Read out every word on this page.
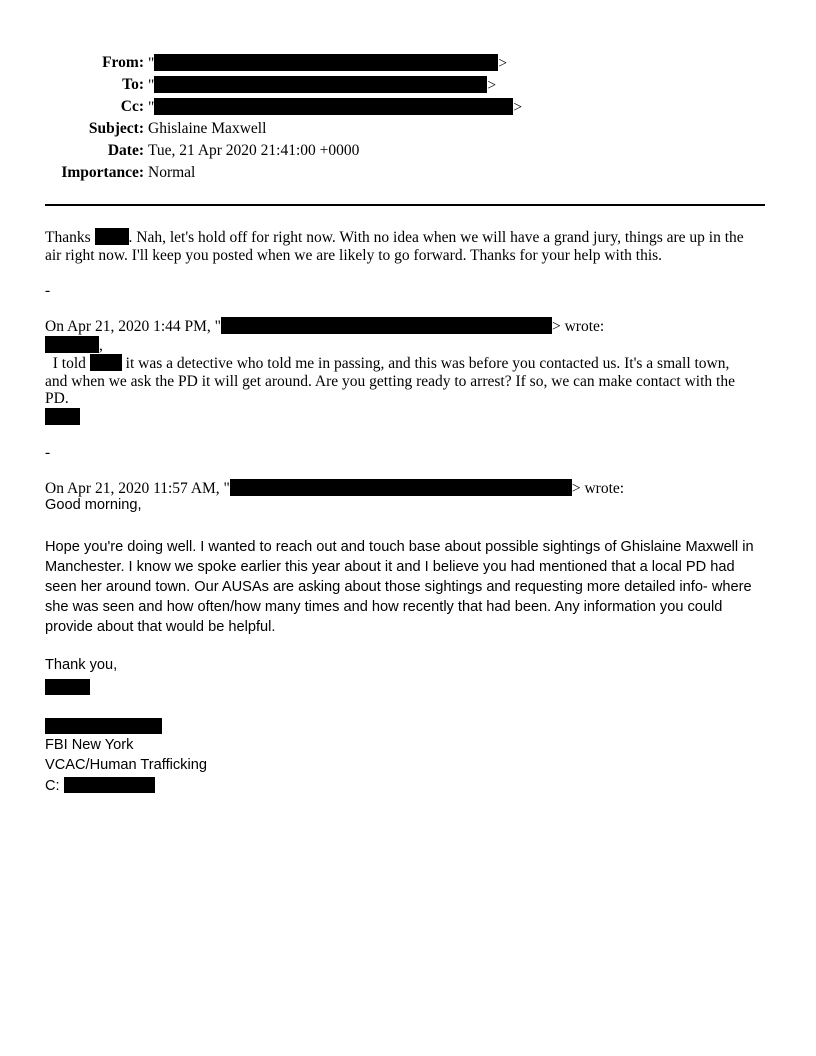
From: "	>
To: "	>
Cc: "	>
Subject: Ghislaine Maxwell
Date: Tue, 21 Apr 2020 21:41:00 +0000
Importance: Normal
Thanks . Nah, let's hold off for right now. With no idea when we will have a grand jury, things are up in the
air right now. I'll keep you posted when we are likely to go forward. Thanks for your help with this.
-
On Apr 21, 2020 1:44 PM, "	> wrote:
,
I told	it was a detective who told me in passing, and this was before you contacted us. It's a small town,
and when we ask the PD it will get around. Are you getting ready to arrest? If so, we can make contact with the
PD.
-
On Apr 21, 2020 11:57 AM, "	> wrote:
Good morning,
Hope you're doing well. I wanted to reach out and touch base about possible sightings of Ghislaine Maxwell in
Manchester. I know we spoke earlier this year about it and I believe you had mentioned that a local PD had
seen her around town. Our AUSAs are asking about those sightings and requesting more detailed info- where
she was seen and how often/how many times and how recently that had been. Any information you could
provide about that would be helpful.
Thank you,
FBI New York
VCAC/Human Trafficking
C:
